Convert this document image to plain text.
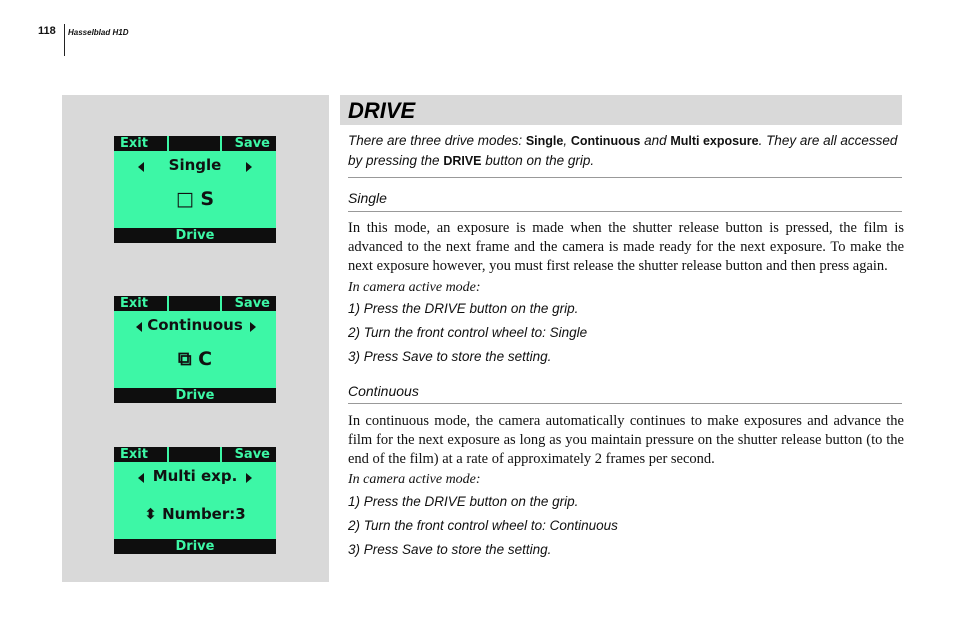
118 Hasselblad H1D
Exit	Save
Single
□ S
Drive
Exit	Save
Continuous
⧉ C
Drive
Exit	Save
Multi exp.
⬍ Number:3
Drive
DRIVE
There are three drive modes: Single, Continuous and Multi exposure. They are all accessed by pressing the DRIVE button on the grip.
Single
In this mode, an exposure is made when the shutter release button is pressed, the film is advanced to the next frame and the camera is made ready for the next exposure. To make the next exposure however, you must first release the shutter release button and then press again.
In camera active mode:
1) Press the DRIVE button on the grip.
2) Turn the front control wheel to: Single
3) Press Save to store the setting.
Continuous
In continuous mode, the camera automatically continues to make exposures and advance the film for the next exposure as long as you maintain pressure on the shutter release button (to the end of the film) at a rate of approximately 2 frames per second.
In camera active mode:
1) Press the DRIVE button on the grip.
2) Turn the front control wheel to: Continuous
3) Press Save to store the setting.
